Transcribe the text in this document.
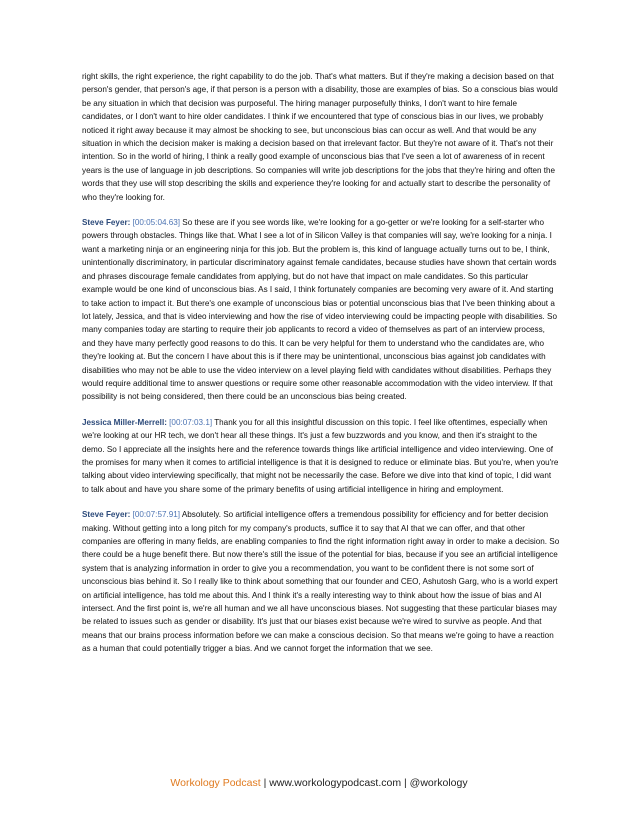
right skills, the right experience, the right capability to do the job. That's what matters. But if they're making a decision based on that person's gender, that person's age, if that person is a person with a disability, those are examples of bias. So a conscious bias would be any situation in which that decision was purposeful. The hiring manager purposefully thinks, I don't want to hire female candidates, or I don't want to hire older candidates. I think if we encountered that type of conscious bias in our lives, we probably noticed it right away because it may almost be shocking to see, but unconscious bias can occur as well. And that would be any situation in which the decision maker is making a decision based on that irrelevant factor. But they're not aware of it. That's not their intention. So in the world of hiring, I think a really good example of unconscious bias that I've seen a lot of awareness of in recent years is the use of language in job descriptions. So companies will write job descriptions for the jobs that they're hiring and often the words that they use will stop describing the skills and experience they're looking for and actually start to describe the personality of who they're looking for.

Steve Feyer: [00:05:04.63] So these are if you see words like, we're looking for a go-getter or we're looking for a self-starter who powers through obstacles. Things like that. What I see a lot of in Silicon Valley is that companies will say, we're looking for a ninja. I want a marketing ninja or an engineering ninja for this job. But the problem is, this kind of language actually turns out to be, I think, unintentionally discriminatory, in particular discriminatory against female candidates, because studies have shown that certain words and phrases discourage female candidates from applying, but do not have that impact on male candidates. So this particular example would be one kind of unconscious bias. As I said, I think fortunately companies are becoming very aware of it. And starting to take action to impact it. But there's one example of unconscious bias or potential unconscious bias that I've been thinking about a lot lately, Jessica, and that is video interviewing and how the rise of video interviewing could be impacting people with disabilities. So many companies today are starting to require their job applicants to record a video of themselves as part of an interview process, and they have many perfectly good reasons to do this. It can be very helpful for them to understand who the candidates are, who they're looking at. But the concern I have about this is if there may be unintentional, unconscious bias against job candidates with disabilities who may not be able to use the video interview on a level playing field with candidates without disabilities. Perhaps they would require additional time to answer questions or require some other reasonable accommodation with the video interview. If that possibility is not being considered, then there could be an unconscious bias being created.

Jessica Miller-Merrell: [00:07:03.1] Thank you for all this insightful discussion on this topic. I feel like oftentimes, especially when we're looking at our HR tech, we don't hear all these things. It's just a few buzzwords and you know, and then it's straight to the demo. So I appreciate all the insights here and the reference towards things like artificial intelligence and video interviewing. One of the promises for many when it comes to artificial intelligence is that it is designed to reduce or eliminate bias. But you're, when you're talking about video interviewing specifically, that might not be necessarily the case. Before we dive into that kind of topic, I did want to talk about and have you share some of the primary benefits of using artificial intelligence in hiring and employment.

Steve Feyer: [00:07:57.91] Absolutely. So artificial intelligence offers a tremendous possibility for efficiency and for better decision making. Without getting into a long pitch for my company's products, suffice it to say that AI that we can offer, and that other companies are offering in many fields, are enabling companies to find the right information right away in order to make a decision. So there could be a huge benefit there. But now there's still the issue of the potential for bias, because if you see an artificial intelligence system that is analyzing information in order to give you a recommendation, you want to be confident there is not some sort of unconscious bias behind it. So I really like to think about something that our founder and CEO, Ashutosh Garg, who is a world expert on artificial intelligence, has told me about this. And I think it's a really interesting way to think about how the issue of bias and AI intersect. And the first point is, we're all human and we all have unconscious biases. Not suggesting that these particular biases may be related to issues such as gender or disability. It's just that our biases exist because we're wired to survive as people. And that means that our brains process information before we can make a conscious decision. So that means we're going to have a reaction as a human that could potentially trigger a bias. And we cannot forget the information that we see.

Workology Podcast | www.workologypodcast.com | @workology
